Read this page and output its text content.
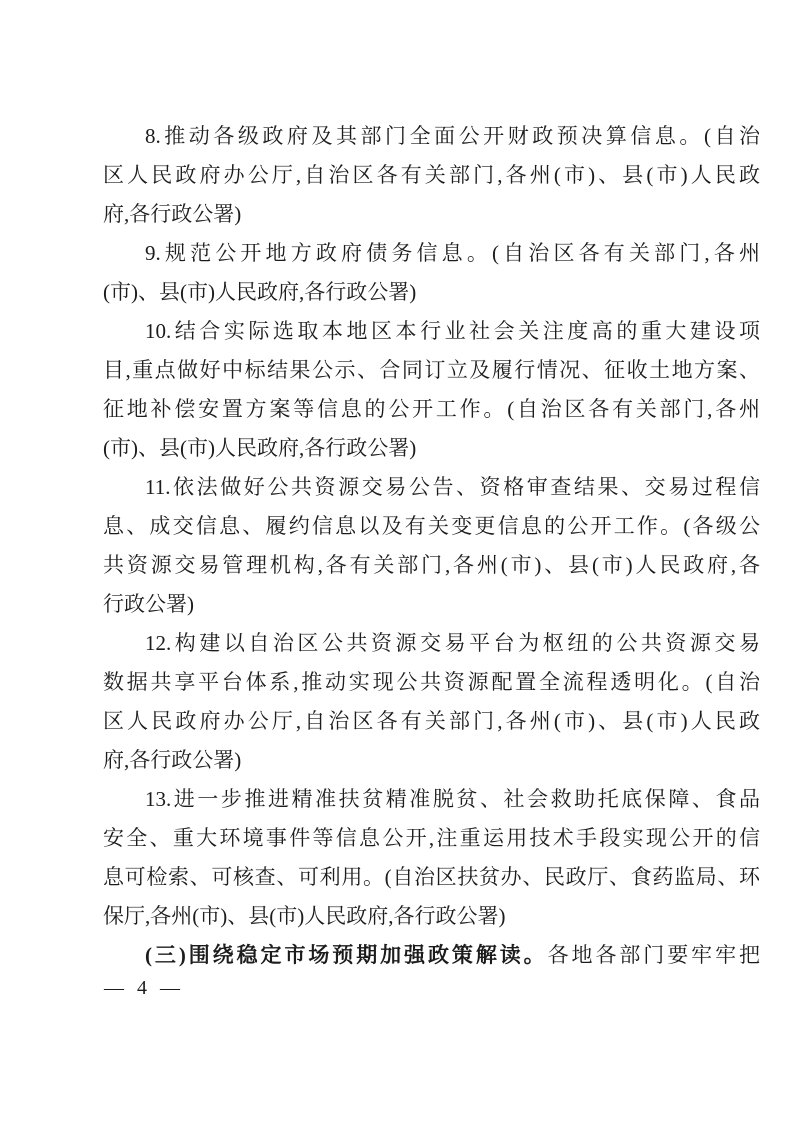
8.推动各级政府及其部门全面公开财政预决算信息。(自治
区人民政府办公厅,自治区各有关部门,各州(市)、县(市)人民政
府,各行政公署)
9.规范公开地方政府债务信息。(自治区各有关部门,各州
(市)、县(市)人民政府,各行政公署)
10.结合实际选取本地区本行业社会关注度高的重大建设项
目,重点做好中标结果公示、合同订立及履行情况、征收土地方案、
征地补偿安置方案等信息的公开工作。(自治区各有关部门,各州
(市)、县(市)人民政府,各行政公署)
11.依法做好公共资源交易公告、资格审查结果、交易过程信
息、成交信息、履约信息以及有关变更信息的公开工作。(各级公
共资源交易管理机构,各有关部门,各州(市)、县(市)人民政府,各
行政公署)
12.构建以自治区公共资源交易平台为枢纽的公共资源交易
数据共享平台体系,推动实现公共资源配置全流程透明化。(自治
区人民政府办公厅,自治区各有关部门,各州(市)、县(市)人民政
府,各行政公署)
13.进一步推进精准扶贫精准脱贫、社会救助托底保障、食品
安全、重大环境事件等信息公开,注重运用技术手段实现公开的信
息可检索、可核查、可利用。(自治区扶贫办、民政厅、食药监局、环
保厅,各州(市)、县(市)人民政府,各行政公署)
(三)围绕稳定市场预期加强政策解读。各地各部门要牢牢把
— 4 —
